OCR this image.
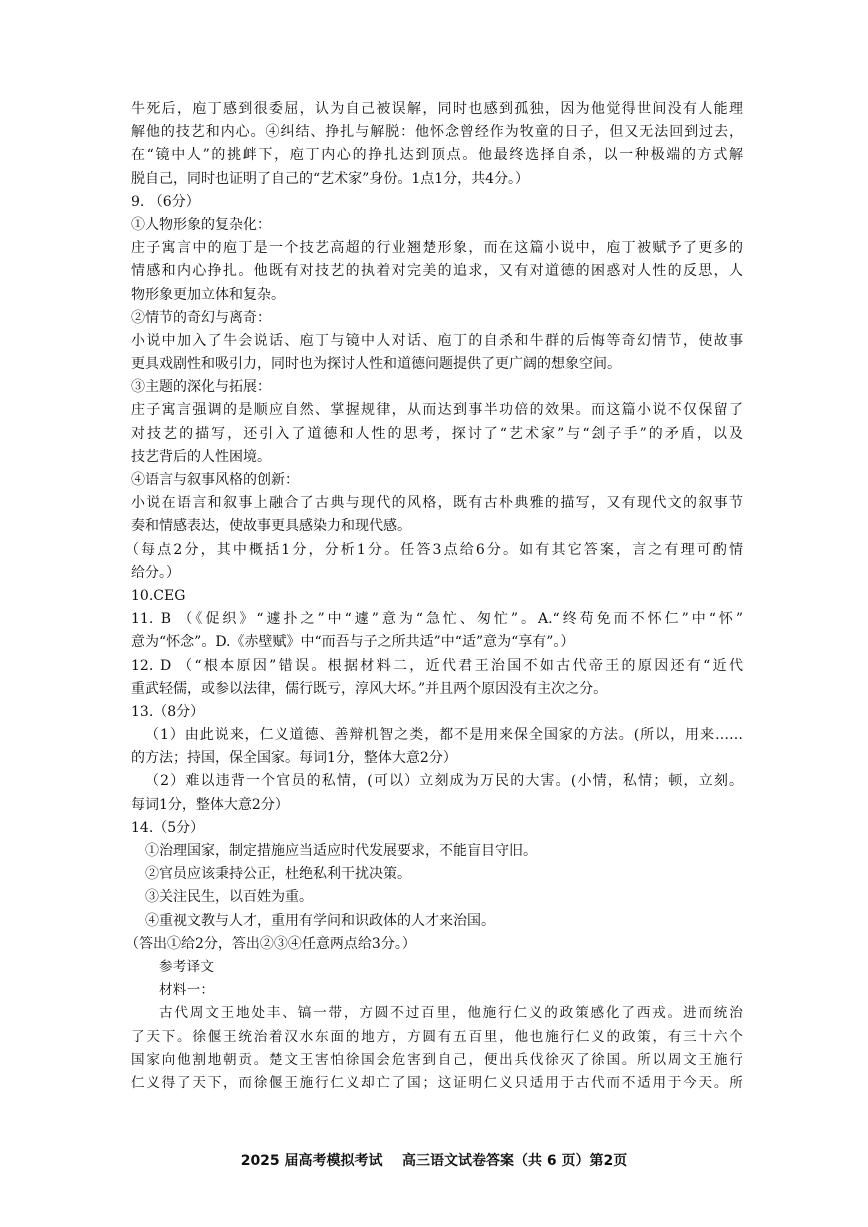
牛死后，庖丁感到很委屈，认为自己被误解，同时也感到孤独，因为他觉得世间没有人能理
解他的技艺和内心。④纠结、挣扎与解脱：他怀念曾经作为牧童的日子，但又无法回到过去，
在“镜中人”的挑衅下，庖丁内心的挣扎达到顶点。他最终选择自杀，以一种极端的方式解
脱自己，同时也证明了自己的“艺术家”身份。1点1分，共4分。）
9. （6分）
①人物形象的复杂化：
庄子寓言中的庖丁是一个技艺高超的行业翘楚形象，而在这篇小说中，庖丁被赋予了更多的
情感和内心挣扎。他既有对技艺的执着对完美的追求，又有对道德的困惑对人性的反思，人
物形象更加立体和复杂。
②情节的奇幻与离奇：
小说中加入了牛会说话、庖丁与镜中人对话、庖丁的自杀和牛群的后悔等奇幻情节，使故事
更具戏剧性和吸引力，同时也为探讨人性和道德问题提供了更广阔的想象空间。
③主题的深化与拓展：
庄子寓言强调的是顺应自然、掌握规律，从而达到事半功倍的效果。而这篇小说不仅保留了
对技艺的描写，还引入了道德和人性的思考，探讨了“艺术家”与“刽子手”的矛盾，以及
技艺背后的人性困境。
④语言与叙事风格的创新：
小说在语言和叙事上融合了古典与现代的风格，既有古朴典雅的描写，又有现代文的叙事节
奏和情感表达，使故事更具感染力和现代感。
（每点2分，其中概括1分，分析1分。任答3点给6分。如有其它答案，言之有理可酌情
给分。）
10.CEG
11. B （《促织》“遽扑之”中“遽”意为“急忙、匆忙”。A.“终苟免而不怀仁”中“怀”
意为“怀念”。D.《赤壁赋》中“而吾与子之所共适”中“适”意为“享有”。）
12. D （“根本原因”错误。根据材料二，近代君王治国不如古代帝王的原因还有“近代
重武轻儒，或参以法律，儒行既亏，淳风大坏。”并且两个原因没有主次之分。
13.（8分）
（1）由此说来，仁义道德、善辩机智之类，都不是用来保全国家的方法。(所以，用来……
的方法；持国，保全国家。每词1分，整体大意2分）
（2）难以违背一个官员的私情，(可以）立刻成为万民的大害。(小情，私情；顿，立刻。
每词1分，整体大意2分）
14.（5分）
①治理国家，制定措施应当适应时代发展要求，不能盲目守旧。
②官员应该秉持公正，杜绝私利干扰决策。
③关注民生，以百姓为重。
④重视文教与人才，重用有学问和识政体的人才来治国。
（答出①给2分，答出②③④任意两点给3分。）
参考译文
材料一：
古代周文王地处丰、镐一带，方圆不过百里，他施行仁义的政策感化了西戎。进而统治
了天下。徐偃王统治着汉水东面的地方，方圆有五百里，他也施行仁义的政策，有三十六个
国家向他割地朝贡。楚文王害怕徐国会危害到自己，便出兵伐徐灭了徐国。所以周文王施行
仁义得了天下，而徐偃王施行仁义却亡了国；这证明仁义只适用于古代而不适用于今天。所
2025 届高考模拟考试    高三语文试卷答案（共 6 页）第2页
